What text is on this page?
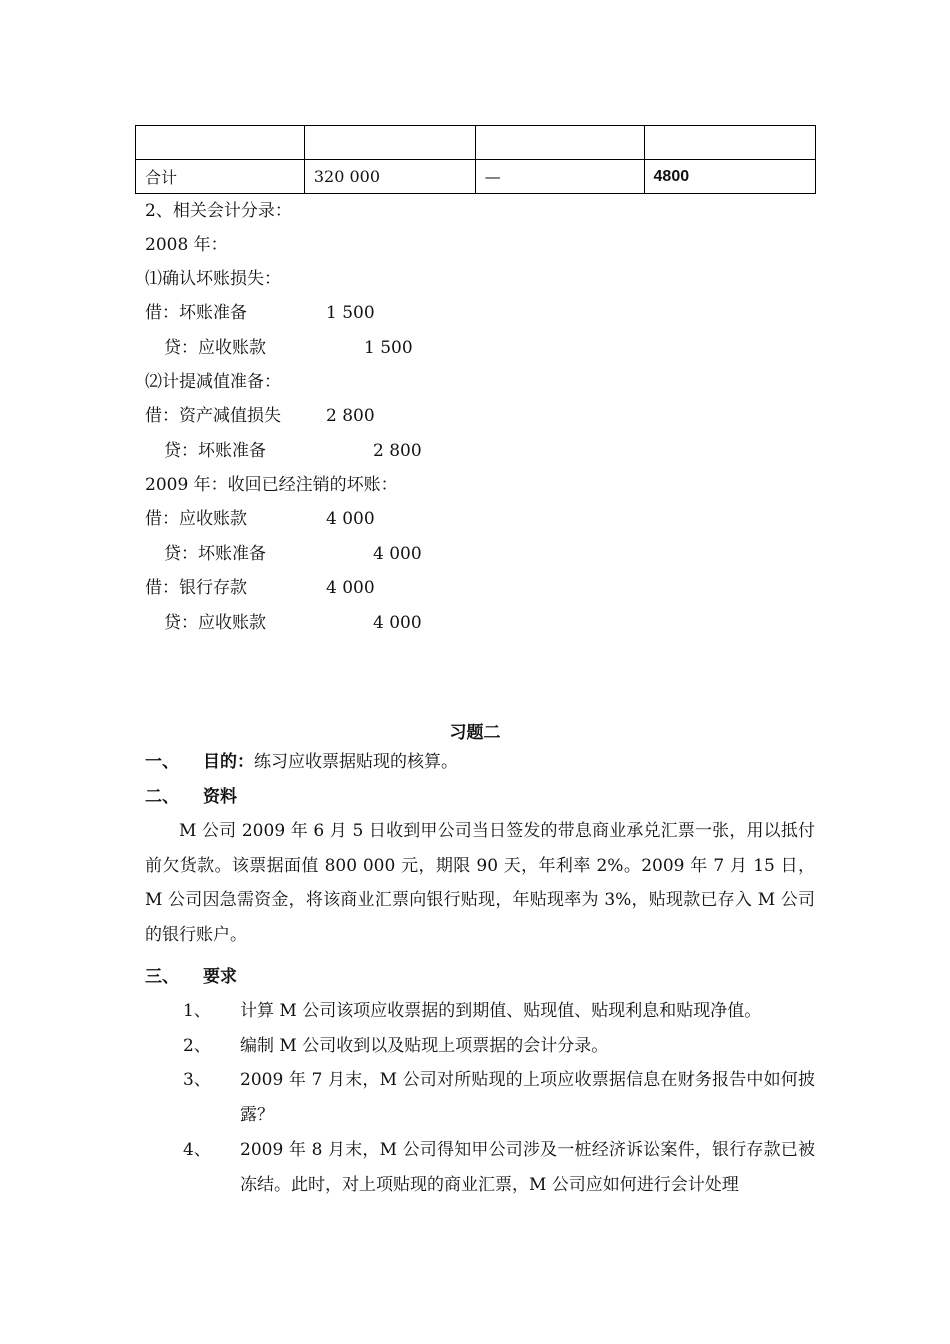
合计	320 000	—	4800
2、相关会计分录：
2008 年：
⑴确认坏账损失：
借：坏账准备	1 500
贷：应收账款	1 500
⑵计提减值准备：
借：资产减值损失	2 800
贷：坏账准备	2 800
2009 年：收回已经注销的坏账：
借：应收账款	4 000
贷：坏账准备	4 000
借：银行存款	4 000
贷：应收账款	4 000
习题二
一、 目的：练习应收票据贴现的核算。
二、 资料
M 公司 2009 年 6 月 5 日收到甲公司当日签发的带息商业承兑汇票一张，用以抵付前欠货款。该票据面值 800 000 元，期限 90 天，年利率 2%。2009 年 7 月 15 日，M 公司因急需资金，将该商业汇票向银行贴现，年贴现率为 3%，贴现款已存入 M 公司的银行账户。
三、 要求
1、 计算 M 公司该项应收票据的到期值、贴现值、贴现利息和贴现净值。
2、 编制 M 公司收到以及贴现上项票据的会计分录。
3、 2009 年 7 月末，M 公司对所贴现的上项应收票据信息在财务报告中如何披露？
4、 2009 年 8 月末，M 公司得知甲公司涉及一桩经济诉讼案件，银行存款已被冻结。此时，对上项贴现的商业汇票，M 公司应如何进行会计处理
